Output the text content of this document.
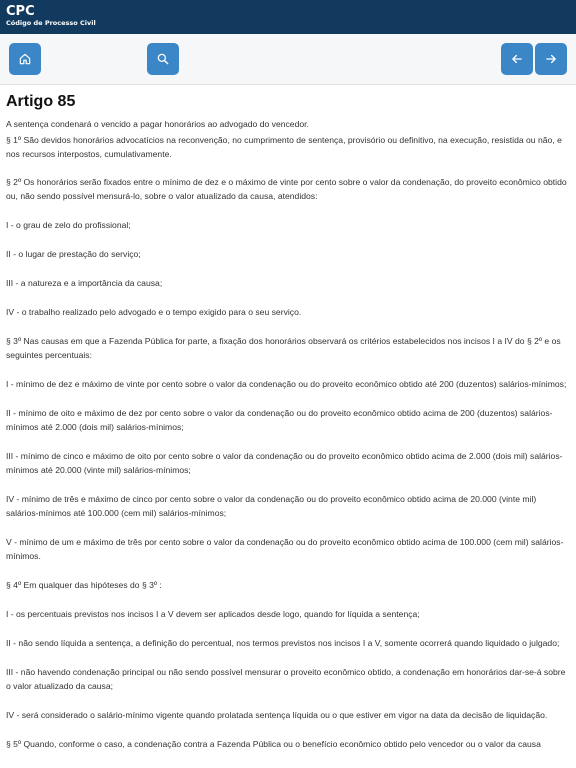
CPC
Código de Processo Civil
Artigo 85

A sentença condenará o vencido a pagar honorários ao advogado do vencedor.

§ 1º São devidos honorários advocatícios na reconvenção, no cumprimento de sentença, provisório ou definitivo, na execução, resistida ou não, e nos recursos interpostos, cumulativamente.

§ 2º Os honorários serão fixados entre o mínimo de dez e o máximo de vinte por cento sobre o valor da condenação, do proveito econômico obtido ou, não sendo possível mensurá-lo, sobre o valor atualizado da causa, atendidos:

I - o grau de zelo do profissional;

II - o lugar de prestação do serviço;

III - a natureza e a importância da causa;

IV - o trabalho realizado pelo advogado e o tempo exigido para o seu serviço.

§ 3º Nas causas em que a Fazenda Pública for parte, a fixação dos honorários observará os critérios estabelecidos nos incisos I a IV do § 2º e os seguintes percentuais:

I - mínimo de dez e máximo de vinte por cento sobre o valor da condenação ou do proveito econômico obtido até 200 (duzentos) salários-mínimos;

II - mínimo de oito e máximo de dez por cento sobre o valor da condenação ou do proveito econômico obtido acima de 200 (duzentos) salários-mínimos até 2.000 (dois mil) salários-mínimos;

III - mínimo de cinco e máximo de oito por cento sobre o valor da condenação ou do proveito econômico obtido acima de 2.000 (dois mil) salários-mínimos até 20.000 (vinte mil) salários-mínimos;

IV - mínimo de três e máximo de cinco por cento sobre o valor da condenação ou do proveito econômico obtido acima de 20.000 (vinte mil) salários-mínimos até 100.000 (cem mil) salários-mínimos;

V - mínimo de um e máximo de três por cento sobre o valor da condenação ou do proveito econômico obtido acima de 100.000 (cem mil) salários-mínimos.

§ 4º Em qualquer das hipóteses do § 3º :

I - os percentuais previstos nos incisos I a V devem ser aplicados desde logo, quando for líquida a sentença;

II - não sendo líquida a sentença, a definição do percentual, nos termos previstos nos incisos I a V, somente ocorrerá quando liquidado o julgado;

III - não havendo condenação principal ou não sendo possível mensurar o proveito econômico obtido, a condenação em honorários dar-se-á sobre o valor atualizado da causa;

IV - será considerado o salário-mínimo vigente quando prolatada sentença líquida ou o que estiver em vigor na data da decisão de liquidação.

§ 5º Quando, conforme o caso, a condenação contra a Fazenda Pública ou o benefício econômico obtido pelo vencedor ou o valor da causa
